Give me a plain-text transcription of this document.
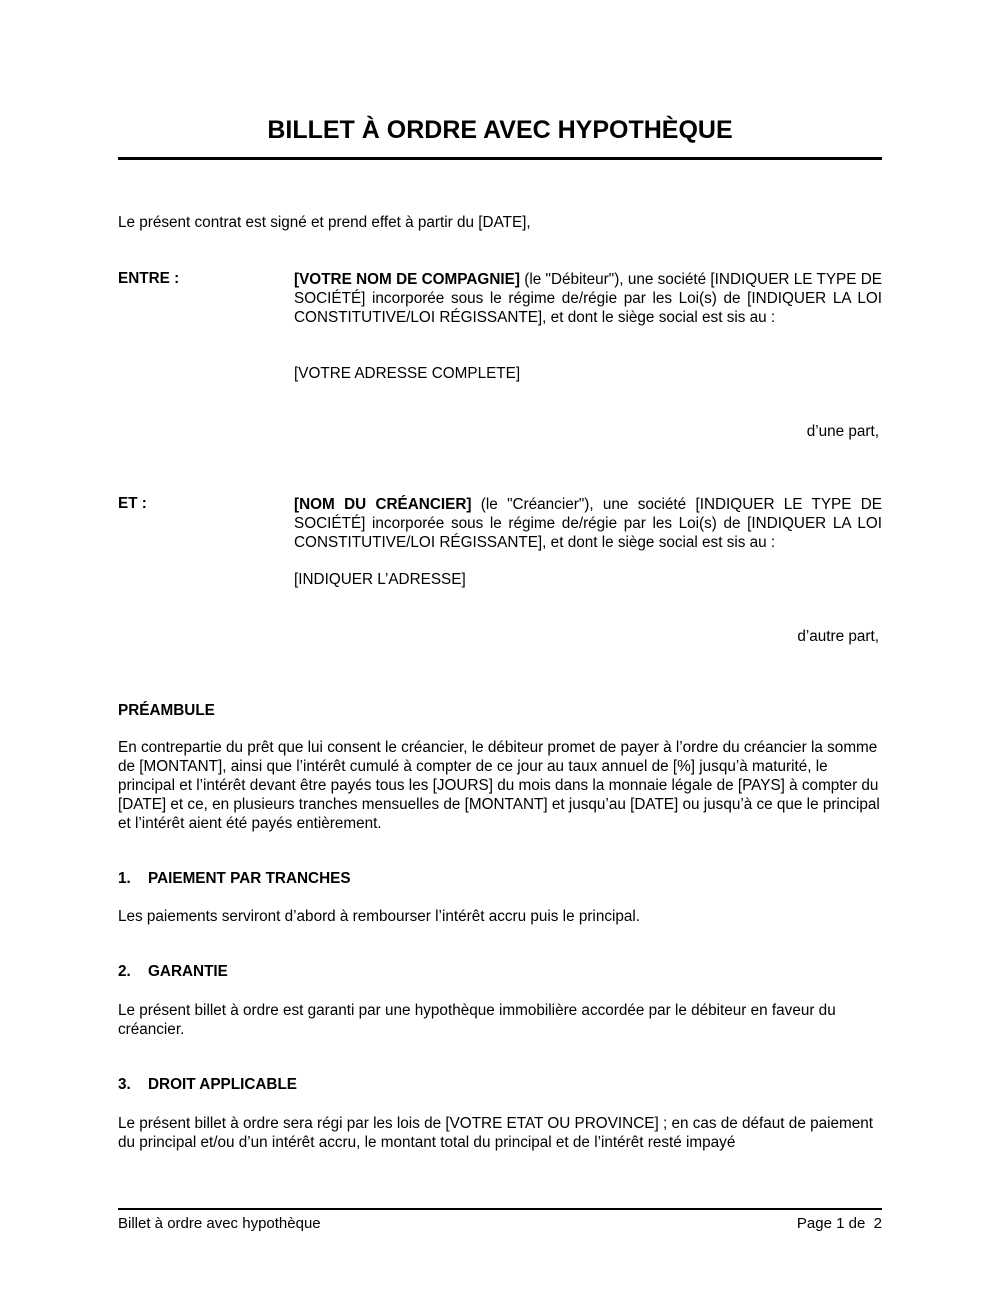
BILLET À ORDRE AVEC HYPOTHÈQUE
Le présent contrat est signé et prend effet à partir du [DATE],
ENTRE :	[VOTRE NOM DE COMPAGNIE] (le "Débiteur"), une société [INDIQUER LE TYPE DE SOCIÉTÉ] incorporée sous le régime de/régie par les Loi(s) de [INDIQUER LA LOI CONSTITUTIVE/LOI RÉGISSANTE], et dont le siège social est sis au :
[VOTRE ADRESSE COMPLETE]
d’une part,
ET :	[NOM DU CRÉANCIER] (le "Créancier"), une société [INDIQUER LE TYPE DE SOCIÉTÉ] incorporée sous le régime de/régie par les Loi(s) de [INDIQUER LA LOI CONSTITUTIVE/LOI RÉGISSANTE], et dont le siège social est sis au :
[INDIQUER L’ADRESSE]
d’autre part,
PRÉAMBULE
En contrepartie du prêt que lui consent le créancier, le débiteur promet de payer à l’ordre du créancier la somme de [MONTANT], ainsi que l’intérêt cumulé à compter de ce jour au taux annuel de [%] jusqu’à maturité, le principal et l’intérêt devant être payés tous les [JOURS] du mois dans la monnaie légale de [PAYS] à compter du [DATE] et ce, en plusieurs tranches mensuelles de [MONTANT] et jusqu’au [DATE] ou jusqu’à ce que le principal et l’intérêt aient été payés entièrement.
1. PAIEMENT PAR TRANCHES
Les paiements serviront d’abord à rembourser l’intérêt accru puis le principal.
2. GARANTIE
Le présent billet à ordre est garanti par une hypothèque immobilière accordée par le débiteur en faveur du créancier.
3. DROIT APPLICABLE
Le présent billet à ordre sera régi par les lois de [VOTRE ETAT OU PROVINCE] ; en cas de défaut de paiement du principal et/ou d’un intérêt accru, le montant total du principal et de l’intérêt resté impayé
Billet à ordre avec hypothèque	Page 1 de  2
